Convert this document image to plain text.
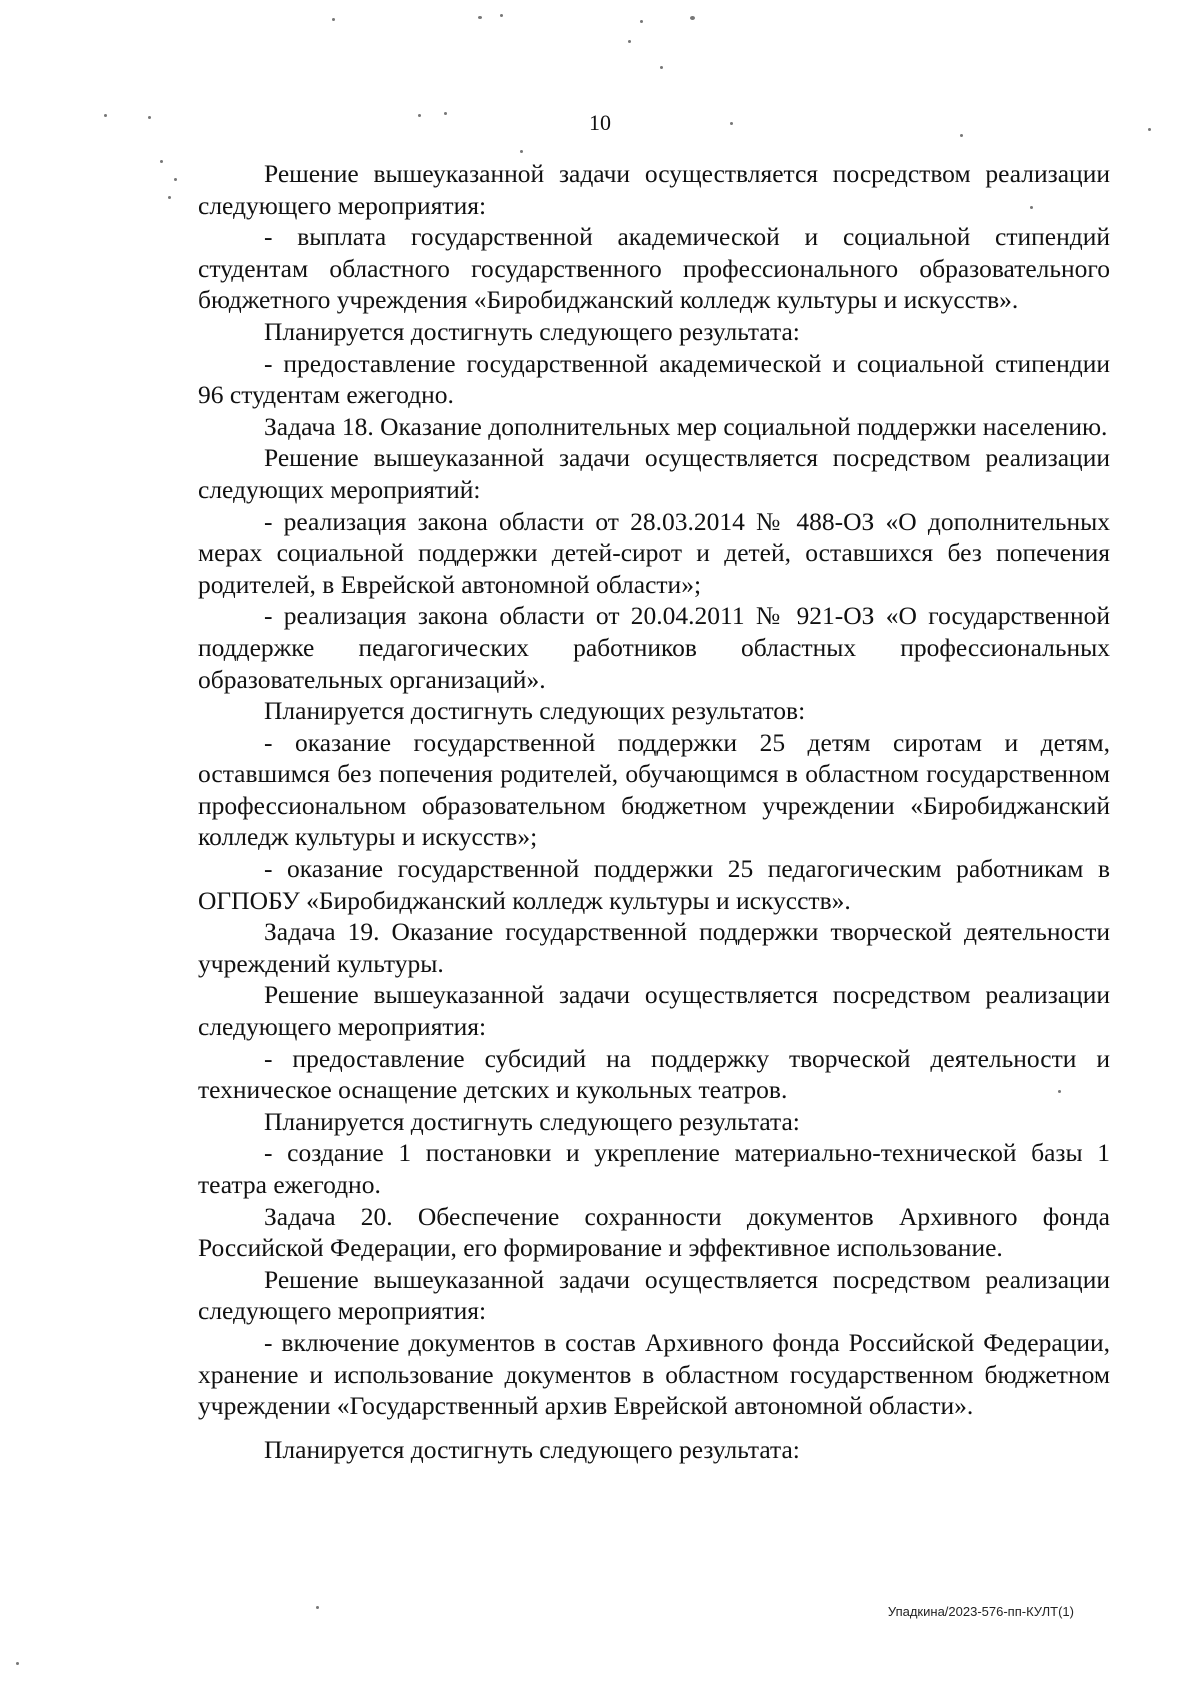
10

Решение вышеуказанной задачи осуществляется посредством реализации следующего мероприятия:

- выплата государственной академической и социальной стипендий студентам областного государственного профессионального образовательного бюджетного учреждения «Биробиджанский колледж культуры и искусств».

Планируется достигнуть следующего результата:

- предоставление государственной академической и социальной стипендии 96 студентам ежегодно.

Задача 18. Оказание дополнительных мер социальной поддержки населению.

Решение вышеуказанной задачи осуществляется посредством реализации следующих мероприятий:

- реализация закона области от 28.03.2014 № 488-ОЗ «О дополнительных мерах социальной поддержки детей-сирот и детей, оставшихся без попечения родителей, в Еврейской автономной области»;

- реализация закона области от 20.04.2011 № 921-ОЗ «О государственной поддержке педагогических работников областных профессиональных образовательных организаций».

Планируется достигнуть следующих результатов:

- оказание государственной поддержки 25 детям сиротам и детям, оставшимся без попечения родителей, обучающимся в областном государственном профессиональном образовательном бюджетном учреждении «Биробиджанский колледж культуры и искусств»;

- оказание государственной поддержки 25 педагогическим работникам в ОГПОБУ «Биробиджанский колледж культуры и искусств».

Задача 19. Оказание государственной поддержки творческой деятельности учреждений культуры.

Решение вышеуказанной задачи осуществляется посредством реализации следующего мероприятия:

- предоставление субсидий на поддержку творческой деятельности и техническое оснащение детских и кукольных театров.

Планируется достигнуть следующего результата:

- создание 1 постановки и укрепление материально-технической базы 1 театра ежегодно.

Задача 20. Обеспечение сохранности документов Архивного фонда Российской Федерации, его формирование и эффективное использование.

Решение вышеуказанной задачи осуществляется посредством реализации следующего мероприятия:

- включение документов в состав Архивного фонда Российской Федерации, хранение и использование документов в областном государственном бюджетном учреждении «Государственный архив Еврейской автономной области».

Планируется достигнуть следующего результата:

Упадкина/2023-576-пп-КУЛТ(1)
